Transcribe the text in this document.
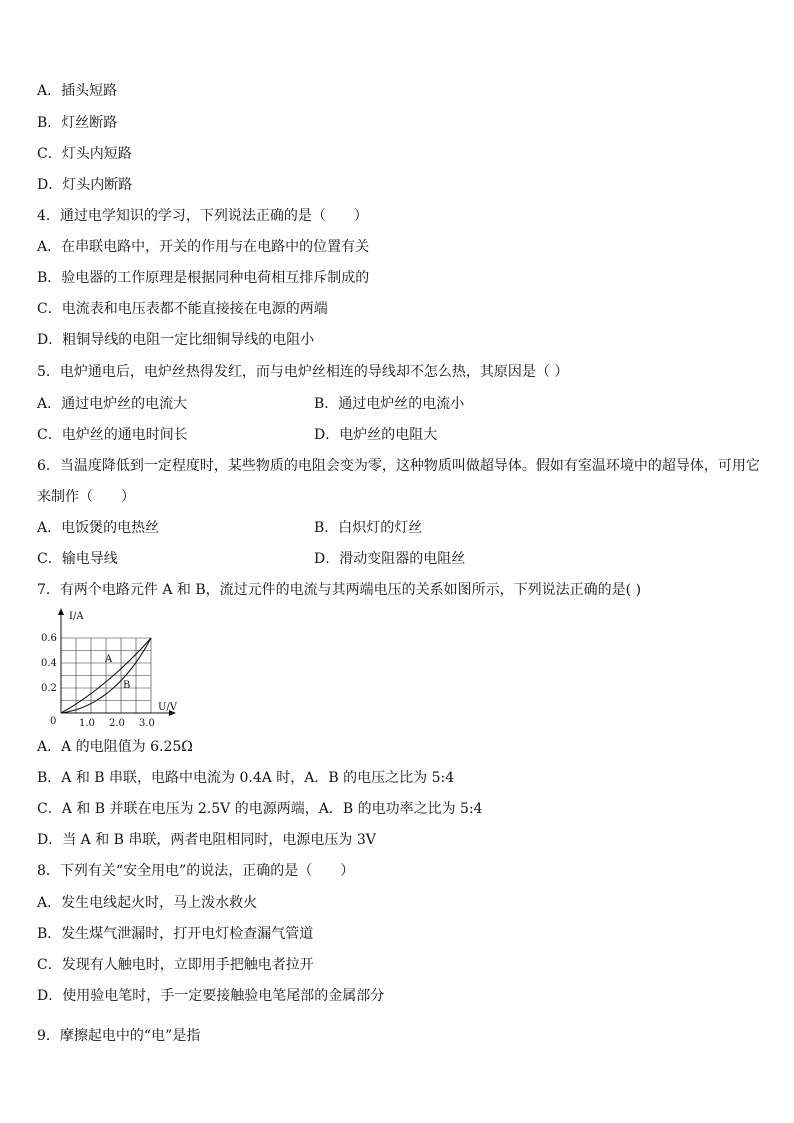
A．插头短路
B．灯丝断路
C．灯头内短路
D．灯头内断路
4．通过电学知识的学习，下列说法正确的是（　　）
A．在串联电路中，开关的作用与在电路中的位置有关
B．验电器的工作原理是根据同种电荷相互排斥制成的
C．电流表和电压表都不能直接接在电源的两端
D．粗铜导线的电阻一定比细铜导线的电阻小
5．电炉通电后，电炉丝热得发红，而与电炉丝相连的导线却不怎么热，其原因是（ ）
A．通过电炉丝的电流大	B．通过电炉丝的电流小
C．电炉丝的通电时间长	D．电炉丝的电阻大
6．当温度降低到一定程度时，某些物质的电阻会变为零，这种物质叫做超导体。假如有室温环境中的超导体，可用它
来制作（　　）
A．电饭煲的电热丝	B．白炽灯的灯丝
C．输电导线	D．滑动变阻器的电阻丝
7．有两个电路元件 A 和 B，流过元件的电流与其两端电压的关系如图所示，下列说法正确的是( )
I/A
U/V
0.6
0.4
0.2
0 1.0 2.0 3.0
A
B
A．A 的电阻值为 6.25Ω
B．A 和 B 串联，电路中电流为 0.4A 时，A．B 的电压之比为 5:4
C．A 和 B 并联在电压为 2.5V 的电源两端，A．B 的电功率之比为 5:4
D．当 A 和 B 串联，两者电阻相同时，电源电压为 3V
8．下列有关“安全用电”的说法，正确的是（　　）
A．发生电线起火时，马上泼水救火
B．发生煤气泄漏时，打开电灯检查漏气管道
C．发现有人触电时，立即用手把触电者拉开
D．使用验电笔时，手一定要接触验电笔尾部的金属部分
9．摩擦起电中的“电”是指
